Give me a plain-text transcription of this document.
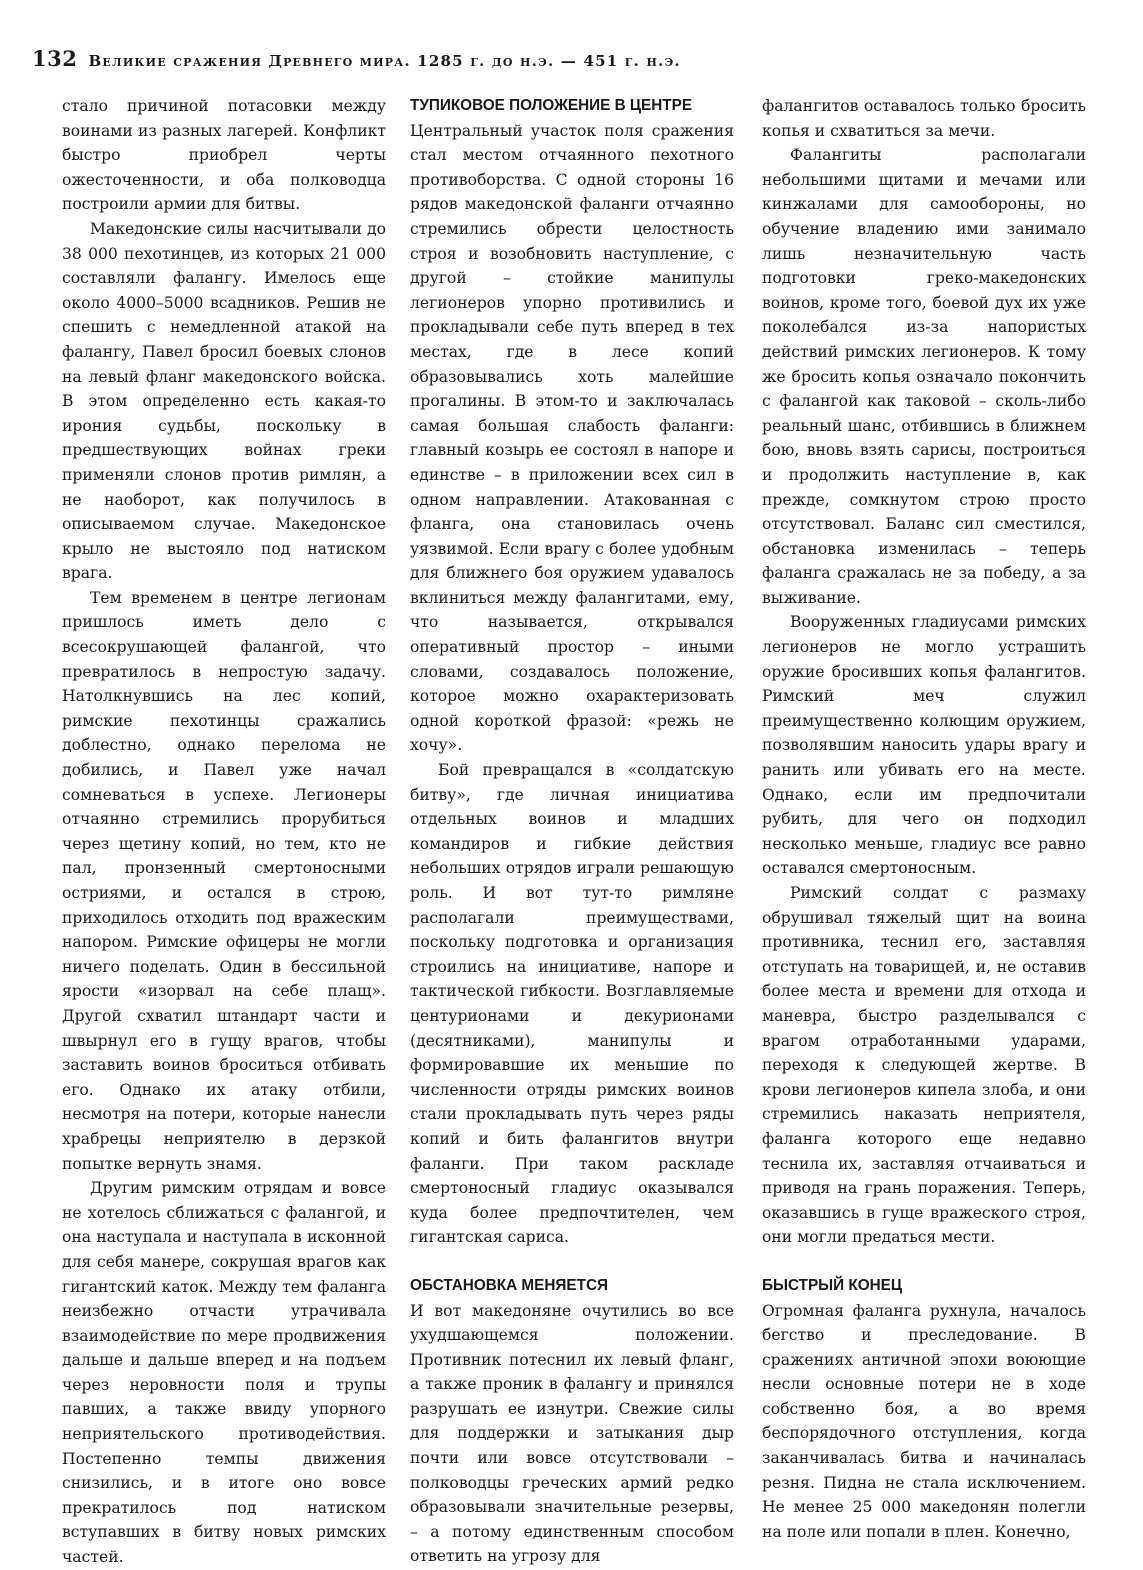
132 Великие сражения Древнего мира. 1285 г. до н.э. — 451 г. н.э.

стало причиной потасовки между воинами из разных лагерей. Конфликт быстро приобрел черты ожесточенности, и оба полководца построили армии для битвы.

Македонские силы насчитывали до 38 000 пехотинцев, из которых 21 000 составляли фалангу. Имелось еще около 4000–5000 всадников. Решив не спешить с немедленной атакой на фалангу, Павел бросил боевых слонов на левый фланг македонского войска. В этом определенно есть какая-то ирония судьбы, поскольку в предшествующих войнах греки применяли слонов против римлян, а не наоборот, как получилось в описываемом случае. Македонское крыло не выстояло под натиском врага.

Тем временем в центре легионам пришлось иметь дело с всесокрушающей фалангой, что превратилось в непростую задачу. Натолкнувшись на лес копий, римские пехотинцы сражались доблестно, однако перелома не добились, и Павел уже начал сомневаться в успехе. Легионеры отчаянно стремились прорубиться через щетину копий, но тем, кто не пал, пронзенный смертоносными остриями, и остался в строю, приходилось отходить под вражеским напором. Римские офицеры не могли ничего поделать. Один в бессильной ярости «изорвал на себе плащ». Другой схватил штандарт части и швырнул его в гущу врагов, чтобы заставить воинов броситься отбивать его. Однако их атаку отбили, несмотря на потери, которые нанесли храбрецы неприятелю в дерзкой попытке вернуть знамя.

Другим римским отрядам и вовсе не хотелось сближаться с фалангой, и она наступала и наступала в исконной для себя манере, сокрушая врагов как гигантский каток. Между тем фаланга неизбежно отчасти утрачивала взаимодействие по мере продвижения дальше и дальше вперед и на подъем через неровности поля и трупы павших, а также ввиду упорного неприятельского противодействия. Постепенно темпы движения снизились, и в итоге оно вовсе прекратилось под натиском вступавших в битву новых римских частей.

ТУПИКОВОЕ ПОЛОЖЕНИЕ В ЦЕНТРЕ

Центральный участок поля сражения стал местом отчаянного пехотного противоборства. С одной стороны 16 рядов македонской фаланги отчаянно стремились обрести целостность строя и возобновить наступление, с другой – стойкие манипулы легионеров упорно противились и прокладывали себе путь вперед в тех местах, где в лесе копий образовывались хоть малейшие прогалины. В этом-то и заключалась самая большая слабость фаланги: главный козырь ее состоял в напоре и единстве – в приложении всех сил в одном направлении. Атакованная с фланга, она становилась очень уязвимой. Если врагу с более удобным для ближнего боя оружием удавалось вклиниться между фалангитами, ему, что называется, открывался оперативный простор – иными словами, создавалось положение, которое можно охарактеризовать одной короткой фразой: «режь не хочу».

Бой превращался в «солдатскую битву», где личная инициатива отдельных воинов и младших командиров и гибкие действия небольших отрядов играли решающую роль. И вот тут-то римляне располагали преимуществами, поскольку подготовка и организация строились на инициативе, напоре и тактической гибкости. Возглавляемые центурионами и декурионами (десятниками), манипулы и формировавшие их меньшие по численности отряды римских воинов стали прокладывать путь через ряды копий и бить фалангитов внутри фаланги. При таком раскладе смертоносный гладиус оказывался куда более предпочтителен, чем гигантская сариса.

ОБСТАНОВКА МЕНЯЕТСЯ

И вот македоняне очутились во все ухудшающемся положении. Противник потеснил их левый фланг, а также проник в фалангу и принялся разрушать ее изнутри. Свежие силы для поддержки и затыкания дыр почти или вовсе отсутствовали – полководцы греческих армий редко образовывали значительные резервы, – а потому единственным способом ответить на угрозу для

фалангитов оставалось только бросить копья и схватиться за мечи.

Фалангиты располагали небольшими щитами и мечами или кинжалами для самообороны, но обучение владению ими занимало лишь незначительную часть подготовки греко-македонских воинов, кроме того, боевой дух их уже поколебался из-за напористых действий римских легионеров. К тому же бросить копья означало покончить с фалангой как таковой – сколь-либо реальный шанс, отбившись в ближнем бою, вновь взять сарисы, построиться и продолжить наступление в, как прежде, сомкнутом строю просто отсутствовал. Баланс сил сместился, обстановка изменилась – теперь фаланга сражалась не за победу, а за выживание.

Вооруженных гладиусами римских легионеров не могло устрашить оружие бросивших копья фалангитов. Римский меч служил преимущественно колющим оружием, позволявшим наносить удары врагу и ранить или убивать его на месте. Однако, если им предпочитали рубить, для чего он подходил несколько меньше, гладиус все равно оставался смертоносным.

Римский солдат с размаху обрушивал тяжелый щит на воина противника, теснил его, заставляя отступать на товарищей, и, не оставив более места и времени для отхода и маневра, быстро разделывался с врагом отработанными ударами, переходя к следующей жертве. В крови легионеров кипела злоба, и они стремились наказать неприятеля, фаланга которого еще недавно теснила их, заставляя отчаиваться и приводя на грань поражения. Теперь, оказавшись в гуще вражеского строя, они могли предаться мести.

БЫСТРЫЙ КОНЕЦ

Огромная фаланга рухнула, началось бегство и преследование. В сражениях античной эпохи воюющие несли основные потери не в ходе собственно боя, а во время беспорядочного отступления, когда заканчивалась битва и начиналась резня. Пидна не стала исключением. Не менее 25 000 македонян полегли на поле или попали в плен. Конечно,
